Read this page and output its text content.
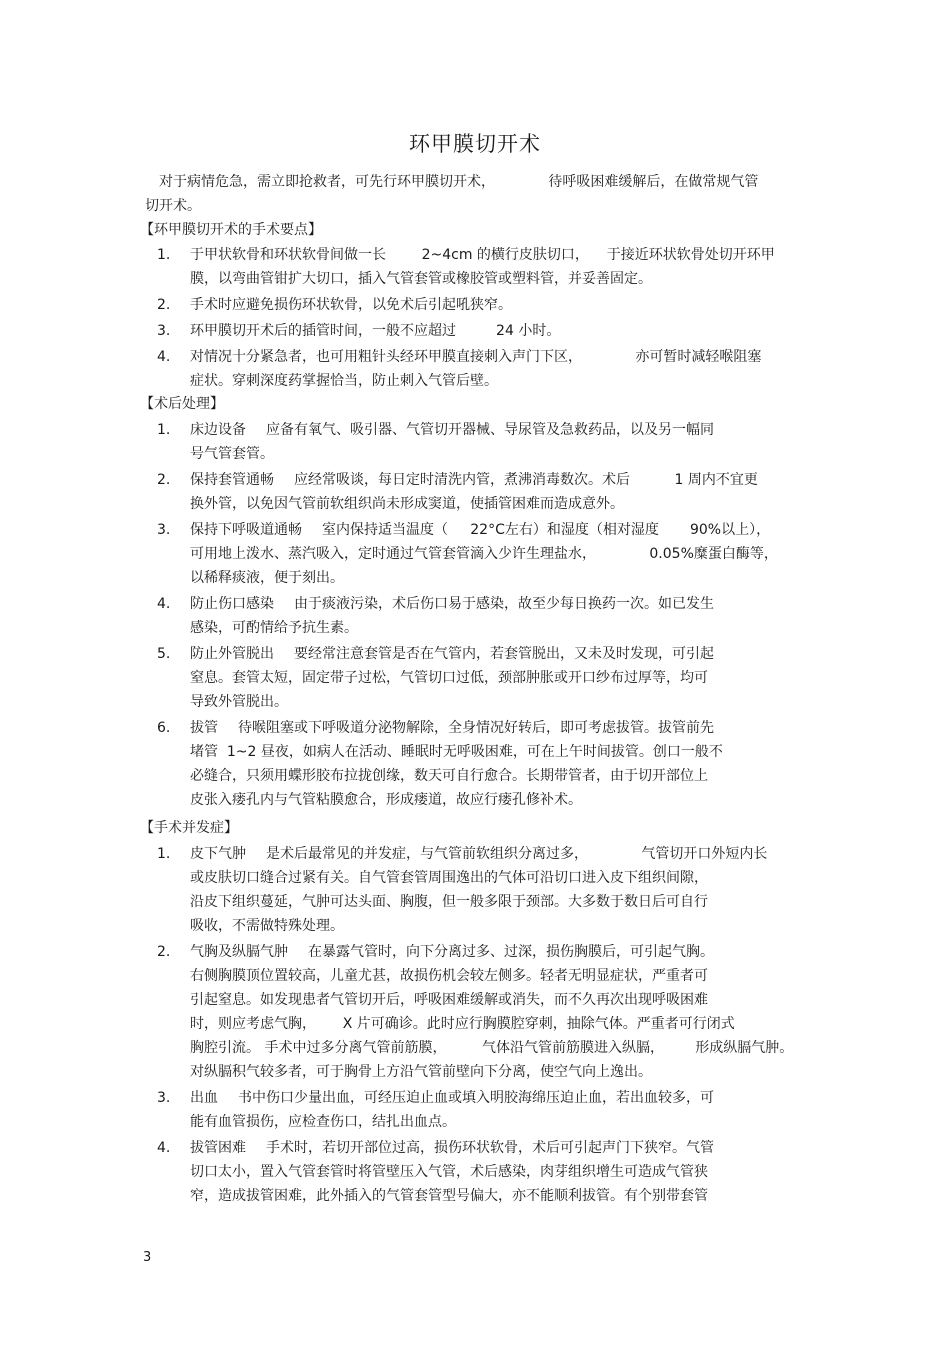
环甲膜切开术
对于病情危急，需立即抢救者，可先行环甲膜切开术，            待呼吸困难缓解后，在做常规气管
切开术。
【环甲膜切开术的手术要点】
1.	于甲状软骨和环状软骨间做一长        2~4cm 的横行皮肤切口，    于接近环状软骨处切开环甲
膜，以弯曲管钳扩大切口，插入气管套管或橡胶管或塑料管，并妥善固定。
2.	手术时应避免损伤环状软骨，以免术后引起吼狭窄。
3.	环甲膜切开术后的插管时间，一般不应超过         24 小时。
4.	对情况十分紧急者，也可用粗针头经环甲膜直接刺入声门下区，            亦可暂时减轻喉阻塞
症状。穿刺深度药掌握恰当，防止刺入气管后壁。
【术后处理】
1.	床边设备 应备有氧气、吸引器、气管切开器械、导尿管及急救药品，以及另一幅同
号气管套管。
2.	保持套管通畅 应经常吸谈，每日定时清洗内管，煮沸消毒数次。术后          1 周内不宜更
换外管，以免因气管前软组织尚未形成窦道，使插管困难而造成意外。
3.	保持下呼吸道通畅 室内保持适当温度（     22°C左右）和湿度（相对湿度       90%以上），
可用地上泼水、蒸汽吸入，定时通过气管套管滴入少许生理盐水，            0.05%糜蛋白酶等，
以稀释痰液，便于刻出。
4.	防止伤口感染 由于痰液污染，术后伤口易于感染，故至少每日换药一次。如已发生
感染，可酌情给予抗生素。
5.	防止外管脱出 要经常注意套管是否在气管内，若套管脱出，又未及时发现，可引起
窒息。套管太短，固定带子过松，气管切口过低，颈部肿胀或开口纱布过厚等，均可
导致外管脱出。
6.	拔管 待喉阻塞或下呼吸道分泌物解除，全身情况好转后，即可考虑拔管。拔管前先
堵管  1~2 昼夜，如病人在活动、睡眠时无呼吸困难，可在上午时间拔管。创口一般不
必缝合，只须用蝶形胶布拉拢创缘，数天可自行愈合。长期带管者，由于切开部位上
皮张入瘘孔内与气管粘膜愈合，形成瘘道，故应行瘘孔修补术。
【手术并发症】
1.	皮下气肿 是术后最常见的并发症，与气管前软组织分离过多，            气管切开口外短内长
或皮肤切口缝合过紧有关。自气管套管周围逸出的气体可沿切口进入皮下组织间隙，
沿皮下组织蔓延，气肿可达头面、胸腹，但一般多限于颈部。大多数于数日后可自行
吸收，不需做特殊处理。
2.	气胸及纵膈气肿 在暴露气管时，向下分离过多、过深，损伤胸膜后，可引起气胸。
右侧胸膜顶位置较高，儿童尤甚，故损伤机会较左侧多。轻者无明显症状，严重者可
引起窒息。如发现患者气管切开后，呼吸困难缓解或消失，而不久再次出现呼吸困难
时，则应考虑气胸，      X 片可确诊。此时应行胸膜腔穿刺，抽除气体。严重者可行闭式
胸腔引流。 手术中过多分离气管前筋膜，        气体沿气管前筋膜进入纵膈，       形成纵膈气肿。
对纵膈积气较多者，可于胸骨上方沿气管前壁向下分离，使空气向上逸出。
3.	出血 书中伤口少量出血，可经压迫止血或填入明胶海绵压迫止血，若出血较多，可
能有血管损伤，应检查伤口，结扎出血点。
4.	拔管困难 手术时，若切开部位过高，损伤环状软骨，术后可引起声门下狭窄。气管
切口太小，置入气管套管时将管壁压入气管，术后感染，肉芽组织增生可造成气管狭
窄，造成拔管困难，此外插入的气管套管型号偏大，亦不能顺利拔管。有个别带套管
3
